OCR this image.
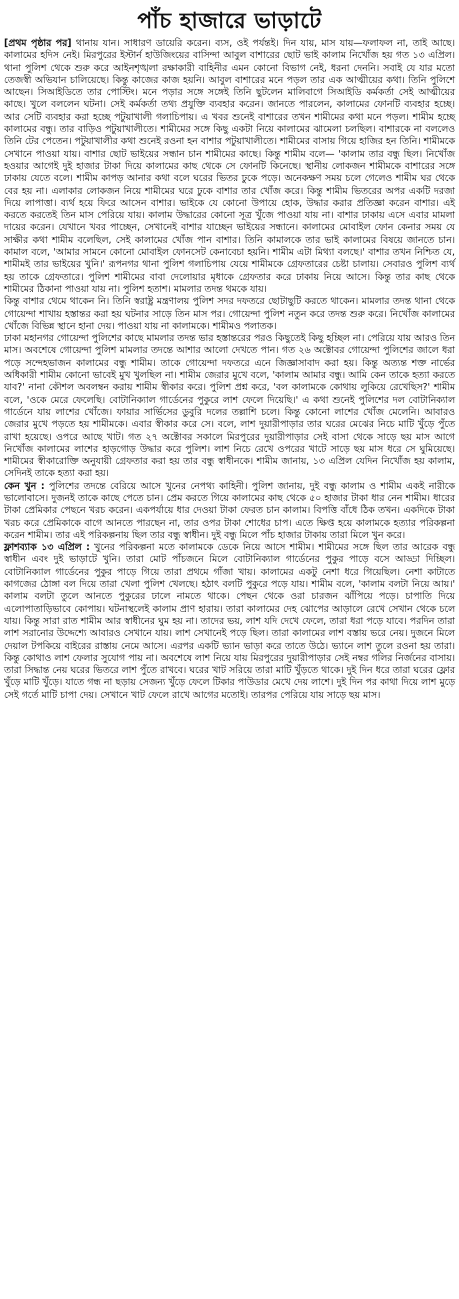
পাঁচ হাজারে ভাড়াটে

[প্রথম পৃষ্ঠার পর] থানায় যান। সাধারণ ডায়েরি করেন। ব্যস, ওই পর্যন্তই। দিন যায়, মাস যায়—ফলাফল না, তাই আছে। কালামের হদিস নেই। মিরপুরের ইস্টার্ন হাউজিংয়ের বাসিন্দা আবুল বাশারের ছোট ভাই কালাম নিখোঁজ হয় গত ১৩ এপ্রিল। থানা পুলিশ থেকে শুরু করে আইনশৃঙ্খলা রক্ষাকারী বাহিনীর এমন কোনো বিভাগ নেই, ধরনা দেননি। সবাই যে যার মতো তেজস্বী অভিযান চালিয়েছে। কিন্তু কাজের কাজ হয়নি। আবুল বাশারের মনে পড়ল তার এক আত্মীয়ের কথা। তিনি পুলিশে আছেন। সিআইডিতে তার পোস্টিং। মনে পড়ার সঙ্গে সঙ্গেই তিনি ছুটলেন মালিবাগে সিআইডি কর্মকর্তা সেই আত্মীয়ের কাছে। খুলে বললেন ঘটনা। সেই কর্মকর্তা তথ্য প্রযুক্তি ব্যবহার করেন। জানতে পারলেন, কালামের ফোনটি ব্যবহার হচ্ছে। আর সেটি ব্যবহার করা হচ্ছে পটুয়াখালী গলাচিপায়। এ খবর শুনেই বাশারের তখন শামীমের কথা মনে পড়ল। শামীম হচ্ছে কালামের বন্ধু। তার বাড়িও পটুয়াখালীতে। শামীমের সঙ্গে কিছু একটা নিয়ে কালামের ঝামেলা চলছিল। বাশারকে না বললেও তিনি টের পেতেন। পটুয়াখালীর কথা শুনেই রওনা হন বাশার পটুয়াখালীতে। শামীমের বাসায় গিয়ে হাজির হন তিনি। শামীমকে সেখানে পাওয়া যায়। বাশার ছোট ভাইয়ের সন্ধান চান শামীমের কাছে। কিন্তু শামীম বলে— 'কালাম তার বন্ধু ছিল। নিখোঁজ হওয়ার আগেই দুই হাজার টাকা দিয়ে কালামের কাছ থেকে সে ফোনটি কিনেছে। স্থানীয় লোকজন শামীমকে বাশারের সঙ্গে ঢাকায় যেতে বলে। শামীম কাপড় আনার কথা বলে ঘরের ভিতর ঢুকে পড়ে। অনেকক্ষণ সময় চলে গেলেও শামীম ঘর থেকে বের হয় না। এলাকার লোকজন নিয়ে শামীমের ঘরে ঢুকে বাশার তার খোঁজ করে। কিন্তু শামীম ভিতরের অপর একটি দরজা দিয়ে লাপাত্তা। ব্যর্থ হয়ে ফিরে আসেন বাশার। ভাইকে যে কোনো উপায়ে হোক, উদ্ধার করার প্রতিজ্ঞা করেন বাশার। এই করতে করতেই তিন মাস পেরিয়ে যায়। কালাম উদ্ধারের কোনো সূত্র খুঁজে পাওয়া যায় না। বাশার ঢাকায় এসে এবার মামলা দায়ের করেন। যেখানে খবর পাচ্ছেন, সেখানেই বাশার যাচ্ছেন ভাইয়ের সন্ধানে। কালামের মোবাইল ফোন কেনার সময় যে সাক্ষীর কথা শামীম বলেছিল, সেই কালামের খোঁজ পান বাশার। তিনি কামালকে তার ভাই কালামের বিষয়ে জানতে চান। কামাল বলে, 'আমার সামনে কোনো মোবাইল ফোনসেট কেনাবেচা হয়নি। শামীম এটা মিথ্যা বলছে।' বাশার তখন নিশ্চিত যে, শামীমই তার ভাইয়ের খুনি।' রূপনগর থানা পুলিশ গলাচিপায় যেয়ে শামীমকে গ্রেফতারের চেষ্টা চালায়। সেবারও পুলিশ ব্যর্থ হয় তাকে গ্রেফতারে। পুলিশ শামীমের বাবা দেলোয়ার মৃধাকে গ্রেফতার করে ঢাকায় নিয়ে আসে। কিন্তু তার কাছ থেকে শামীমের ঠিকানা পাওয়া যায় না। পুলিশ হতাশ। মামলার তদন্ত থমকে যায়।

কিন্তু বাশার থেমে থাকেন নি। তিনি স্বরাষ্ট্র মন্ত্রণালয় পুলিশ সদর দফতরে ছোটাছুটি করতে থাকেন। মামলার তদন্ত থানা থেকে গোয়েন্দা শাখায় হস্তান্তর করা হয় ঘটনার সাড়ে তিন মাস পর। গোয়েন্দা পুলিশ নতুন করে তদন্ত শুরু করে। নিখোঁজ কালামের খোঁজে বিভিন্ন স্থানে হানা দেয়। পাওয়া যায় না কালামকে। শামীমও পলাতক।

ঢাকা মহানগর গোয়েন্দা পুলিশের কাছে মামলার তদন্ত ভার হস্তান্তরের পরও কিছুতেই কিছু হচ্ছিল না। পেরিয়ে যায় আরও তিন মাস। অবশেষে গোয়েন্দা পুলিশ মামলার তদন্তে আশার আলো দেখতে পান। গত ২৬ অক্টোবর গোয়েন্দা পুলিশের জালে ধরা পড়ে সন্দেহভাজন কালামের বন্ধু শামীম। তাকে গোয়েন্দা দফতরে এনে জিজ্ঞাসাবাদ করা হয়। কিন্তু অত্যন্ত শক্ত নার্ভের অধিকারী শামীম কোনো ভাবেই মুখ খুলছিল না। শামীম জেরার মুখে বলে, 'কালাম আমার বন্ধু। আমি কেন তাকে হত্যা করতে যাব?' নানা কৌশল অবলম্বন করায় শামীম স্বীকার করে। পুলিশ প্রশ্ন করে, 'বল কালামকে কোথায় লুকিয়ে রেখেছিস?' শামীম বলে, 'ওকে মেরে ফেলেছি। বোটানিক্যাল গার্ডেনের পুকুরে লাশ ফেলে দিয়েছি।' এ কথা শুনেই পুলিশের দল বোটানিক্যাল গার্ডেনে যায় লাশের খোঁজে। ফায়ার সার্ভিসের ডুবুরি দলের তল্লাশি চলে। কিন্তু কোনো লাশের খোঁজ মেলেনি। আবারও জেরার মুখে পড়তে হয় শামীমকে। এবার স্বীকার করে সে। বলে, লাশ দুয়ারীপাড়ার তার ঘরের মেঝের নিচে মাটি খুঁড়ে পুঁতে রাখা হয়েছে। ওপরে আছে খাট। গত ২৭ অক্টোবর সকালে মিরপুরের দুয়ারীপাড়ার সেই বাসা থেকে সাড়ে ছয় মাস আগে নিখোঁজ কালামের লাশের হাড়গোড় উদ্ধার করে পুলিশ। লাশ নিচে রেখে ওপরের খাটে সাড়ে ছয় মাস ধরে সে ঘুমিয়েছে। শামীমের স্বীকারোক্তি অনুযায়ী গ্রেফতার করা হয় তার বন্ধু স্বাধীনকে। শামীম জানায়, ১৩ এপ্রিল যেদিন নিখোঁজ হয় কালাম, সেদিনই তাকে হত্যা করা হয়।

কেন খুন : পুলিশের তদন্তে বেরিয়ে আসে খুনের নেপথ্য কাহিনী। পুলিশ জানায়, দুই বন্ধু কালাম ও শামীম একই নারীকে ভালোবাসে। দুজনই তাকে কাছে পেতে চান। প্রেম করতে গিয়ে কালামের কাছ থেকে ৫০ হাজার টাকা ধার নেন শামীম। ধারের টাকা প্রেমিকার পেছনে খরচ করেন। একপর্যায়ে ধার দেওয়া টাকা ফেরত চান কালাম। বিপত্তি বাঁধে ঠিক তখন। একদিকে টাকা খরচ করে প্রেমিকাকে বাগে আনতে পারছেন না, তার ওপর টাকা শোধের চাপ। এতে ক্ষিপ্ত হয়ে কালামকে হত্যার পরিকল্পনা করেন শামীম। তার এই পরিকল্পনায় ছিল তার বন্ধু স্বাধীন। দুই বন্ধু মিলে পাঁচ হাজার টাকায় তারা মিলে খুন করে।

ফ্লাশব্যাক ১৩ এপ্রিল : খুনের পরিকল্পনা মতে কালামকে ডেকে নিয়ে আসে শামীম। শামীমের সঙ্গে ছিল তার আরেক বন্ধু স্বাধীন এবং দুই ভাড়াটে খুনি। তারা মোট পাঁচজনে মিলে বোটানিক্যাল গার্ডেনের পুকুর পাড়ে বসে আড্ডা দিচ্ছিল। বোটানিক্যাল গার্ডেনের পুকুর পাড়ে গিয়ে তারা প্রথমে গাঁজা খায়। কালামের একটু নেশা ধরে গিয়েছিল। নেশা কাটাতে কাগজের ঠোঙ্গা বল দিয়ে তারা খেলা পুলিশ খেলছে। হঠাৎ বলটি পুকুরে পড়ে যায়। শামীম বলে, 'কালাম বলটা নিয়ে আয়।' কালাম বলটা তুলে আনতে পুকুরের ঢালে নামতে থাকে। পেছন থেকে ওরা চারজন ঝাঁপিয়ে পড়ে। চাপাতি দিয়ে এলোপাতাড়িভাবে কোপায়। ঘটনাস্থলেই কালাম প্রাণ হারায়। তারা কালামের দেহ ঝোপের আড়ালে রেখে সেখান থেকে চলে যায়। কিন্তু সারা রাত শামীম আর স্বাধীনের ঘুম হয় না। তাদের ভয়, লাশ যদি দেখে ফেলে, তারা ধরা পড়ে যাবে। পরদিন তারা লাশ সরানোর উদ্দেশ্যে আবারও সেখানে যায়। লাশ সেখানেই পড়ে ছিল। তারা কালামের লাশ বস্তায় ভরে নেয়। দুজনে মিলে দেয়াল টপকিয়ে বাইরের রাস্তায় নেমে আসে। এরপর একটি ভ্যান ভাড়া করে তাতে উঠে। ভ্যানে লাশ তুলে রওনা হয় তারা। কিন্তু কোথাও লাশ ফেলার সুযোগ পায় না। অবশেষে লাশ নিয়ে যায় মিরপুরের দুয়ারীপাড়ার সেই নম্বর গলির নির্জনের বাসায়। তারা সিদ্ধান্ত নেয় ঘরের ভিতরে লাশ পুঁতে রাখবে। ঘরের খাট সরিয়ে তারা মাটি খুঁড়তে থাকে। দুই দিন ধরে তারা ঘরের ফ্লোর খুঁড়ে মাটি খুঁড়ে। যাতে গন্ধ না ছড়ায় সেজন্য খুঁড়ে ফেলে টিকার পাউডার মেখে দেয় লাশে। দুই দিন পর কাথা দিয়ে লাশ মুড়ে সেই গর্তে মাটি চাপা দেয়। সেখানে খাট ফেলে রাখে আগের মতোই। তারপর পেরিয়ে যায় সাড়ে ছয় মাস।
